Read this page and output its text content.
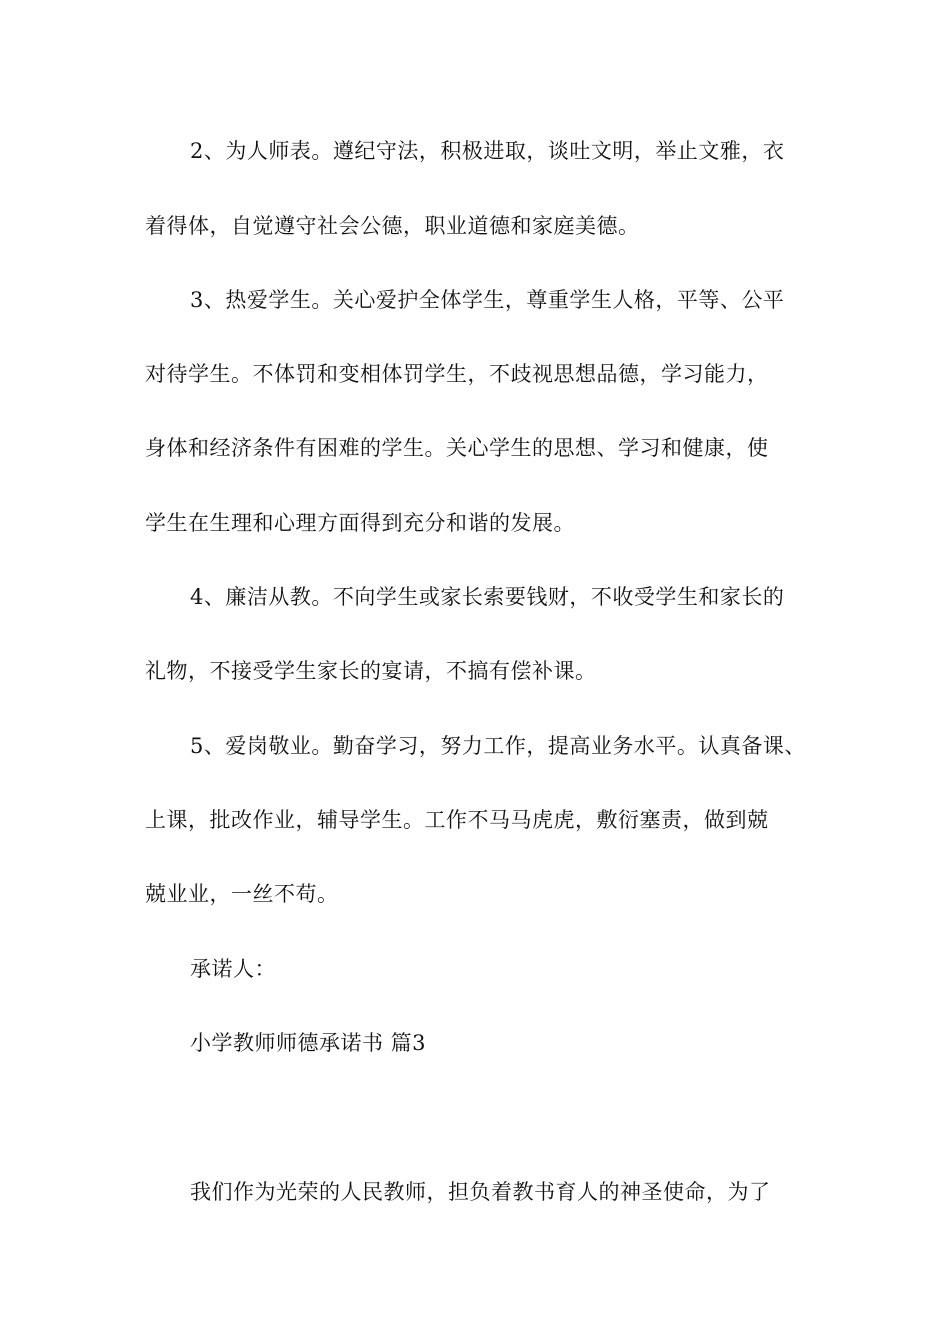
2、为人师表。遵纪守法，积极进取，谈吐文明，举止文雅，衣
着得体，自觉遵守社会公德，职业道德和家庭美德。
3、热爱学生。关心爱护全体学生，尊重学生人格，平等、公平
对待学生。不体罚和变相体罚学生，不歧视思想品德，学习能力，
身体和经济条件有困难的学生。关心学生的思想、学习和健康，使
学生在生理和心理方面得到充分和谐的发展。
4、廉洁从教。不向学生或家长索要钱财，不收受学生和家长的
礼物，不接受学生家长的宴请，不搞有偿补课。
5、爱岗敬业。勤奋学习，努力工作，提高业务水平。认真备课、
上课，批改作业，辅导学生。工作不马马虎虎，敷衍塞责，做到兢
兢业业，一丝不苟。
承诺人：
小学教师师德承诺书 篇3
我们作为光荣的人民教师，担负着教书育人的神圣使命，为了
